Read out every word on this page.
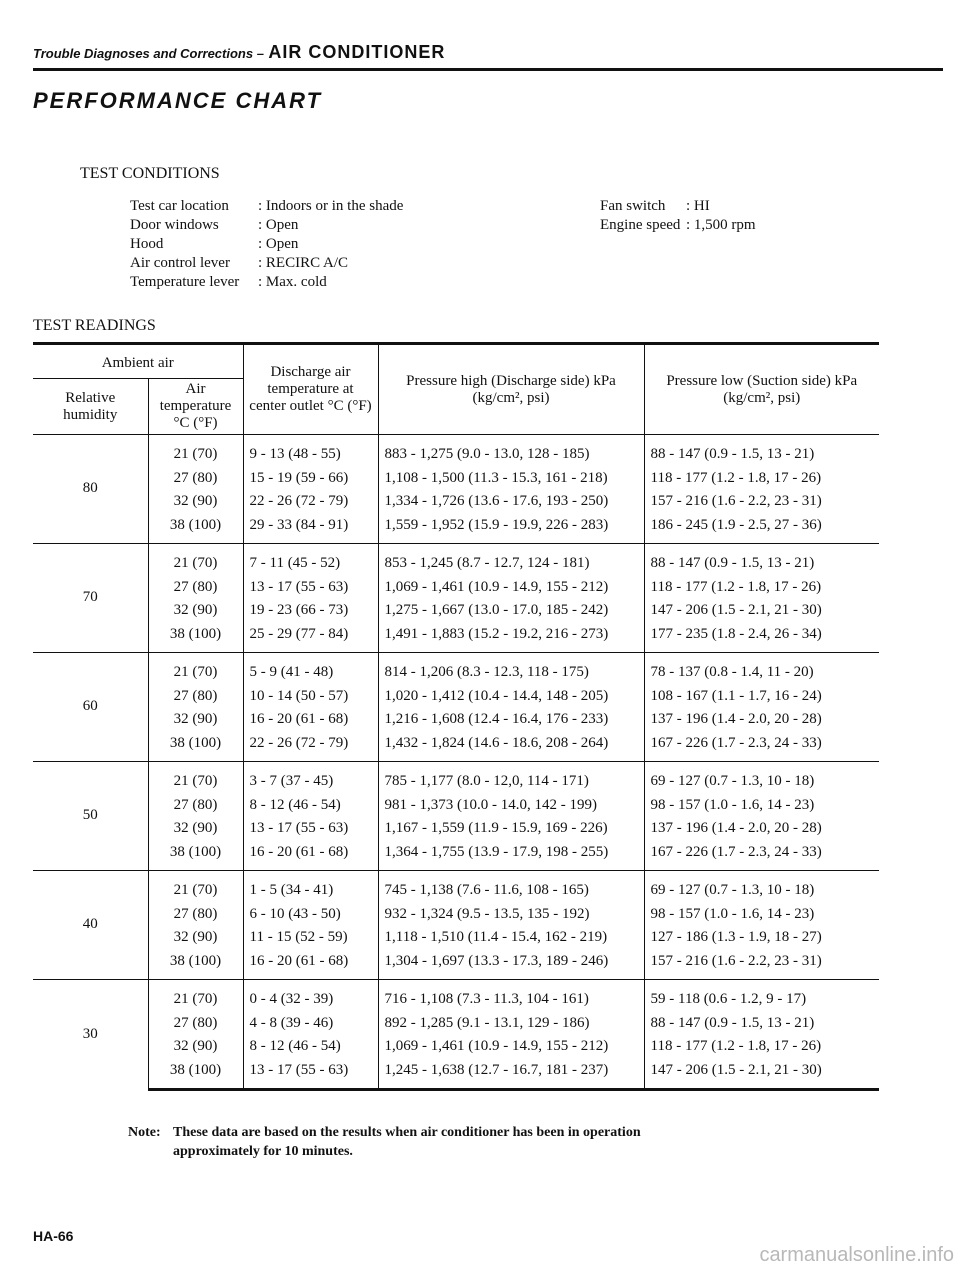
Trouble Diagnoses and Corrections – AIR CONDITIONER
PERFORMANCE CHART
TEST CONDITIONS
Test car location	: Indoors or in the shade
Door windows	: Open
Hood	: Open
Air control lever	: RECIRC A/C
Temperature lever	: Max. cold
Fan switch	: HI
Engine speed : 1,500 rpm
TEST READINGS
Ambient air		Discharge air temperature at center outlet °C (°F)	Pressure high (Discharge side) kPa (kg/cm², psi)	Pressure low (Suction side) kPa (kg/cm², psi)
Relative humidity	Air temperature °C (°F)			
80	21 (70)	9 - 13 (48 - 55)	883 - 1,275 (9.0 - 13.0, 128 - 185)	88 - 147 (0.9 - 1.5, 13 - 21)
	27 (80)	15 - 19 (59 - 66)	1,108 - 1,500 (11.3 - 15.3, 161 - 218)	118 - 177 (1.2 - 1.8, 17 - 26)
	32 (90)	22 - 26 (72 - 79)	1,334 - 1,726 (13.6 - 17.6, 193 - 250)	157 - 216 (1.6 - 2.2, 23 - 31)
	38 (100)	29 - 33 (84 - 91)	1,559 - 1,952 (15.9 - 19.9, 226 - 283)	186 - 245 (1.9 - 2.5, 27 - 36)
70	21 (70)	7 - 11 (45 - 52)	853 - 1,245 (8.7 - 12.7, 124 - 181)	88 - 147 (0.9 - 1.5, 13 - 21)
	27 (80)	13 - 17 (55 - 63)	1,069 - 1,461 (10.9 - 14.9, 155 - 212)	118 - 177 (1.2 - 1.8, 17 - 26)
	32 (90)	19 - 23 (66 - 73)	1,275 - 1,667 (13.0 - 17.0, 185 - 242)	147 - 206 (1.5 - 2.1, 21 - 30)
	38 (100)	25 - 29 (77 - 84)	1,491 - 1,883 (15.2 - 19.2, 216 - 273)	177 - 235 (1.8 - 2.4, 26 - 34)
60	21 (70)	5 - 9 (41 - 48)	814 - 1,206 (8.3 - 12.3, 118 - 175)	78 - 137 (0.8 - 1.4, 11 - 20)
	27 (80)	10 - 14 (50 - 57)	1,020 - 1,412 (10.4 - 14.4, 148 - 205)	108 - 167 (1.1 - 1.7, 16 - 24)
	32 (90)	16 - 20 (61 - 68)	1,216 - 1,608 (12.4 - 16.4, 176 - 233)	137 - 196 (1.4 - 2.0, 20 - 28)
	38 (100)	22 - 26 (72 - 79)	1,432 - 1,824 (14.6 - 18.6, 208 - 264)	167 - 226 (1.7 - 2.3, 24 - 33)
50	21 (70)	3 - 7 (37 - 45)	785 - 1,177 (8.0 - 12,0, 114 - 171)	69 - 127 (0.7 - 1.3, 10 - 18)
	27 (80)	8 - 12 (46 - 54)	981 - 1,373 (10.0 - 14.0, 142 - 199)	98 - 157 (1.0 - 1.6, 14 - 23)
	32 (90)	13 - 17 (55 - 63)	1,167 - 1,559 (11.9 - 15.9, 169 - 226)	137 - 196 (1.4 - 2.0, 20 - 28)
	38 (100)	16 - 20 (61 - 68)	1,364 - 1,755 (13.9 - 17.9, 198 - 255)	167 - 226 (1.7 - 2.3, 24 - 33)
40	21 (70)	1 - 5 (34 - 41)	745 - 1,138 (7.6 - 11.6, 108 - 165)	69 - 127 (0.7 - 1.3, 10 - 18)
	27 (80)	6 - 10 (43 - 50)	932 - 1,324 (9.5 - 13.5, 135 - 192)	98 - 157 (1.0 - 1.6, 14 - 23)
	32 (90)	11 - 15 (52 - 59)	1,118 - 1,510 (11.4 - 15.4, 162 - 219)	127 - 186 (1.3 - 1.9, 18 - 27)
	38 (100)	16 - 20 (61 - 68)	1,304 - 1,697 (13.3 - 17.3, 189 - 246)	157 - 216 (1.6 - 2.2, 23 - 31)
30	21 (70)	0 - 4 (32 - 39)	716 - 1,108 (7.3 - 11.3, 104 - 161)	59 - 118 (0.6 - 1.2, 9 - 17)
	27 (80)	4 - 8 (39 - 46)	892 - 1,285 (9.1 - 13.1, 129 - 186)	88 - 147 (0.9 - 1.5, 13 - 21)
	32 (90)	8 - 12 (46 - 54)	1,069 - 1,461 (10.9 - 14.9, 155 - 212)	118 - 177 (1.2 - 1.8, 17 - 26)
	38 (100)	13 - 17 (55 - 63)	1,245 - 1,638 (12.7 - 16.7, 181 - 237)	147 - 206 (1.5 - 2.1, 21 - 30)
Note: These data are based on the results when air conditioner has been in operation
approximately for 10 minutes.
HA-66
carmanualsonline.info
